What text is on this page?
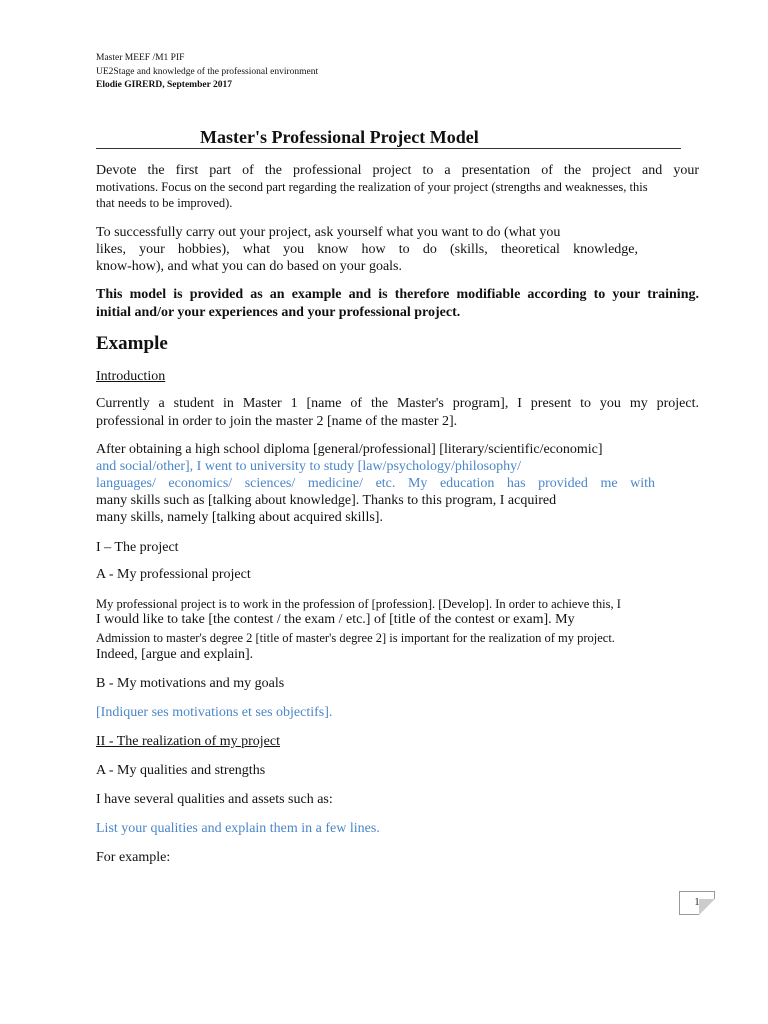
Master MEEF /M1 PIF
UE2Stage and knowledge of the professional environment
Elodie GIRERD, September 2017
Master's Professional Project Model
Devote the first part of the professional project to a presentation of the project and your
motivations. Focus on the second part regarding the realization of your project (strengths and weaknesses, this
that needs to be improved).
To successfully carry out your project, ask yourself what you want to do (what you
likes, your hobbies), what you know how to do (skills, theoretical knowledge,
know-how), and what you can do based on your goals.
This model is provided as an example and is therefore modifiable according to your training.
initial and/or your experiences and your professional project.
Example
Introduction
Currently a student in Master 1 [name of the Master's program], I present to you my project.
professional in order to join the master 2 [name of the master 2].
After obtaining a high school diploma [general/professional] [literary/scientific/economic]
and social/other], I went to university to study [law/psychology/philosophy/
languages/ economics/ sciences/ medicine/ etc. My education has provided me with
many skills such as [talking about knowledge]. Thanks to this program, I acquired
many skills, namely [talking about acquired skills].
I – The project
A - My professional project
My professional project is to work in the profession of [profession]. [Develop]. In order to achieve this, I
I would like to take [the contest / the exam / etc.] of [title of the contest or exam]. My
Admission to master's degree 2 [title of master's degree 2] is important for the realization of my project.
Indeed, [argue and explain].
B - My motivations and my goals
[Indiquer ses motivations et ses objectifs].
II - The realization of my project
A - My qualities and strengths
I have several qualities and assets such as:
List your qualities and explain them in a few lines.
For example:
1
